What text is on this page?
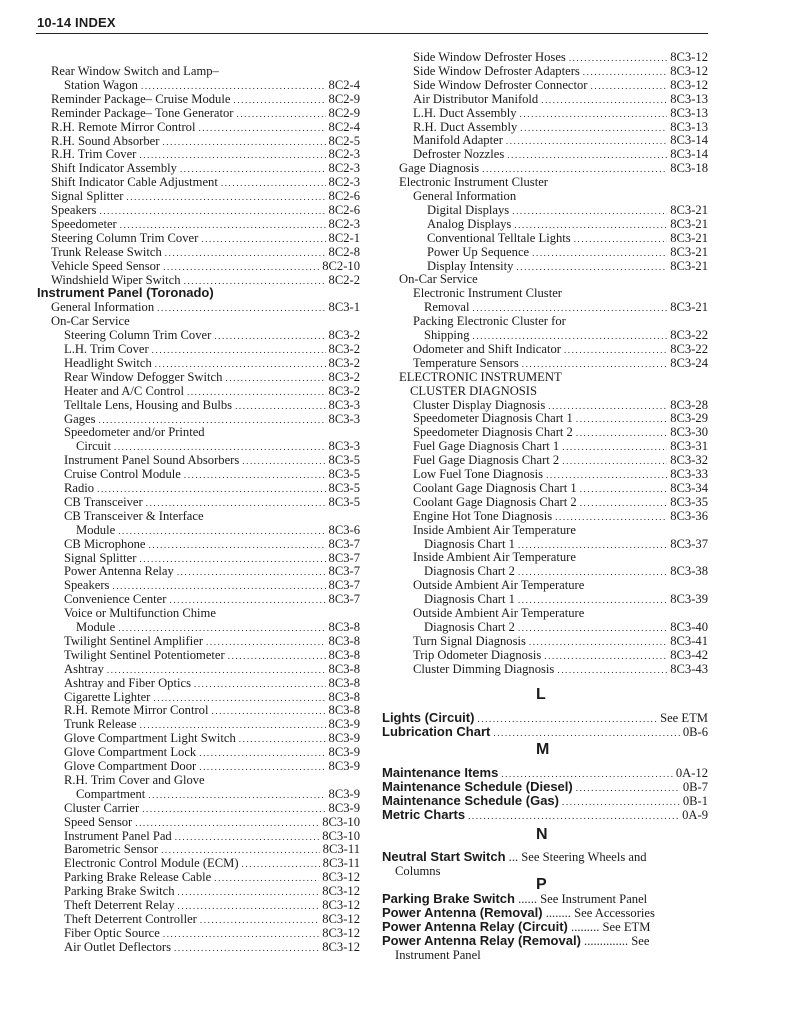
10-14 INDEX
Rear Window Switch and Lamp–
Station Wagon .....	8C2-4
Reminder Package– Cruise Module .....	8C2-9
Reminder Package– Tone Generator .....	8C2-9
R.H. Remote Mirror Control .....	8C2-4
R.H. Sound Absorber .....	8C2-5
R.H. Trim Cover .....	8C2-3
Shift Indicator Assembly .....	8C2-3
Shift Indicator Cable Adjustment .....	8C2-3
Signal Splitter .....	8C2-6
Speakers .....	8C2-6
Speedometer .....	8C2-3
Steering Column Trim Cover .....	8C2-1
Trunk Release Switch .....	8C2-8
Vehicle Speed Sensor .....	8C2-10
Windshield Wiper Switch .....	8C2-2
Instrument Panel (Toronado)
General Information .....	8C3-1
On-Car Service
Steering Column Trim Cover .....	8C3-2
L.H. Trim Cover .....	8C3-2
Headlight Switch .....	8C3-2
Rear Window Defogger Switch .....	8C3-2
Heater and A/C Control .....	8C3-2
Telltale Lens, Housing and Bulbs .....	8C3-3
Gages .....	8C3-3
Speedometer and/or Printed
Circuit .....	8C3-3
Instrument Panel Sound Absorbers .....	8C3-5
Cruise Control Module .....	8C3-5
Radio .....	8C3-5
CB Transceiver .....	8C3-5
CB Transceiver & Interface
Module .....	8C3-6
CB Microphone .....	8C3-7
Signal Splitter .....	8C3-7
Power Antenna Relay .....	8C3-7
Speakers .....	8C3-7
Convenience Center .....	8C3-7
Voice or Multifunction Chime
Module .....	8C3-8
Twilight Sentinel Amplifier .....	8C3-8
Twilight Sentinel Potentiometer .....	8C3-8
Ashtray .....	8C3-8
Ashtray and Fiber Optics .....	8C3-8
Cigarette Lighter .....	8C3-8
R.H. Remote Mirror Control .....	8C3-8
Trunk Release .....	8C3-9
Glove Compartment Light Switch .....	8C3-9
Glove Compartment Lock .....	8C3-9
Glove Compartment Door .....	8C3-9
R.H. Trim Cover and Glove
Compartment .....	8C3-9
Cluster Carrier .....	8C3-9
Speed Sensor .....	8C3-10
Instrument Panel Pad .....	8C3-10
Barometric Sensor .....	8C3-11
Electronic Control Module (ECM) .....	8C3-11
Parking Brake Release Cable .....	8C3-12
Parking Brake Switch .....	8C3-12
Theft Deterrent Relay .....	8C3-12
Theft Deterrent Controller .....	8C3-12
Fiber Optic Source .....	8C3-12
Air Outlet Deflectors .....	8C3-12
Side Window Defroster Hoses .....	8C3-12
Side Window Defroster Adapters .....	8C3-12
Side Window Defroster Connector .....	8C3-12
Air Distributor Manifold .....	8C3-13
L.H. Duct Assembly .....	8C3-13
R.H. Duct Assembly .....	8C3-13
Manifold Adapter .....	8C3-14
Defroster Nozzles .....	8C3-14
Gage Diagnosis .....	8C3-18
Electronic Instrument Cluster
General Information
Digital Displays .....	8C3-21
Analog Displays .....	8C3-21
Conventional Telltale Lights .....	8C3-21
Power Up Sequence .....	8C3-21
Display Intensity .....	8C3-21
On-Car Service
Electronic Instrument Cluster
Removal .....	8C3-21
Packing Electronic Cluster for
Shipping .....	8C3-22
Odometer and Shift Indicator .....	8C3-22
Temperature Sensors .....	8C3-24
ELECTRONIC INSTRUMENT
CLUSTER DIAGNOSIS
Cluster Display Diagnosis .....	8C3-28
Speedometer Diagnosis Chart 1 .....	8C3-29
Speedometer Diagnosis Chart 2 .....	8C3-30
Fuel Gage Diagnosis Chart 1 .....	8C3-31
Fuel Gage Diagnosis Chart 2 .....	8C3-32
Low Fuel Tone Diagnosis .....	8C3-33
Coolant Gage Diagnosis Chart 1 .....	8C3-34
Coolant Gage Diagnosis Chart 2 .....	8C3-35
Engine Hot Tone Diagnosis .....	8C3-36
Inside Ambient Air Temperature
Diagnosis Chart 1 .....	8C3-37
Inside Ambient Air Temperature
Diagnosis Chart 2 .....	8C3-38
Outside Ambient Air Temperature
Diagnosis Chart 1 .....	8C3-39
Outside Ambient Air Temperature
Diagnosis Chart 2 .....	8C3-40
Turn Signal Diagnosis .....	8C3-41
Trip Odometer Diagnosis .....	8C3-42
Cluster Dimming Diagnosis .....	8C3-43
L
Lights (Circuit) .....	See ETM
Lubrication Chart .....	0B-6
M
Maintenance Items .....	0A-12
Maintenance Schedule (Diesel) .....	0B-7
Maintenance Schedule (Gas) .....	0B-1
Metric Charts .....	0A-9
N
Neutral Start Switch ... See Steering Wheels and
Columns
P
Parking Brake Switch ...... See Instrument Panel
Power Antenna (Removal) ........ See Accessories
Power Antenna Relay (Circuit) ......... See ETM
Power Antenna Relay (Removal) .............. See
Instrument Panel
